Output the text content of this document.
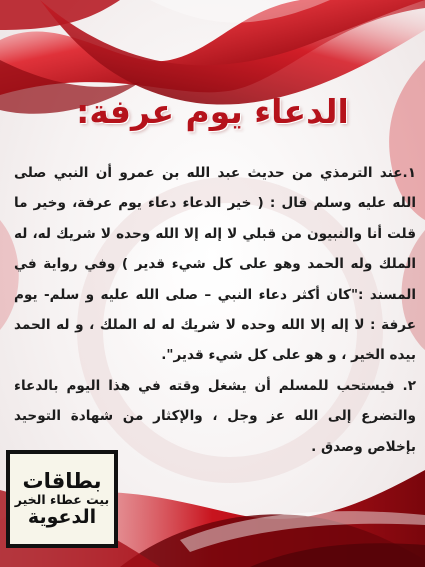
الدعاء يوم عرفة:

١.عند الترمذي من حديث عبد الله بن عمرو أن النبي صلى الله عليه وسلم قال : ( خير الدعاء دعاء يوم عرفة، وخير ما قلت أنا والنبيون من قبلي لا إله إلا الله وحده لا شريك له، له الملك وله الحمد وهو على كل شيء قدير ) وفي رواية في المسند :"كان أكثر دعاء النبي – صلى الله عليه و سلم- يوم عرفة : لا إله إلا الله وحده لا شريك له له الملك ، و له الحمد بيده الخير ، و هو على كل شيء قدير".

٢. فيستحب للمسلم أن يشغل وقته في هذا اليوم بالدعاء والتضرع إلى الله عز وجل ، والإكثار من شهادة التوحيد بإخلاص وصدق .

بطاقات
بيت عطاء الخير
الدعوية
